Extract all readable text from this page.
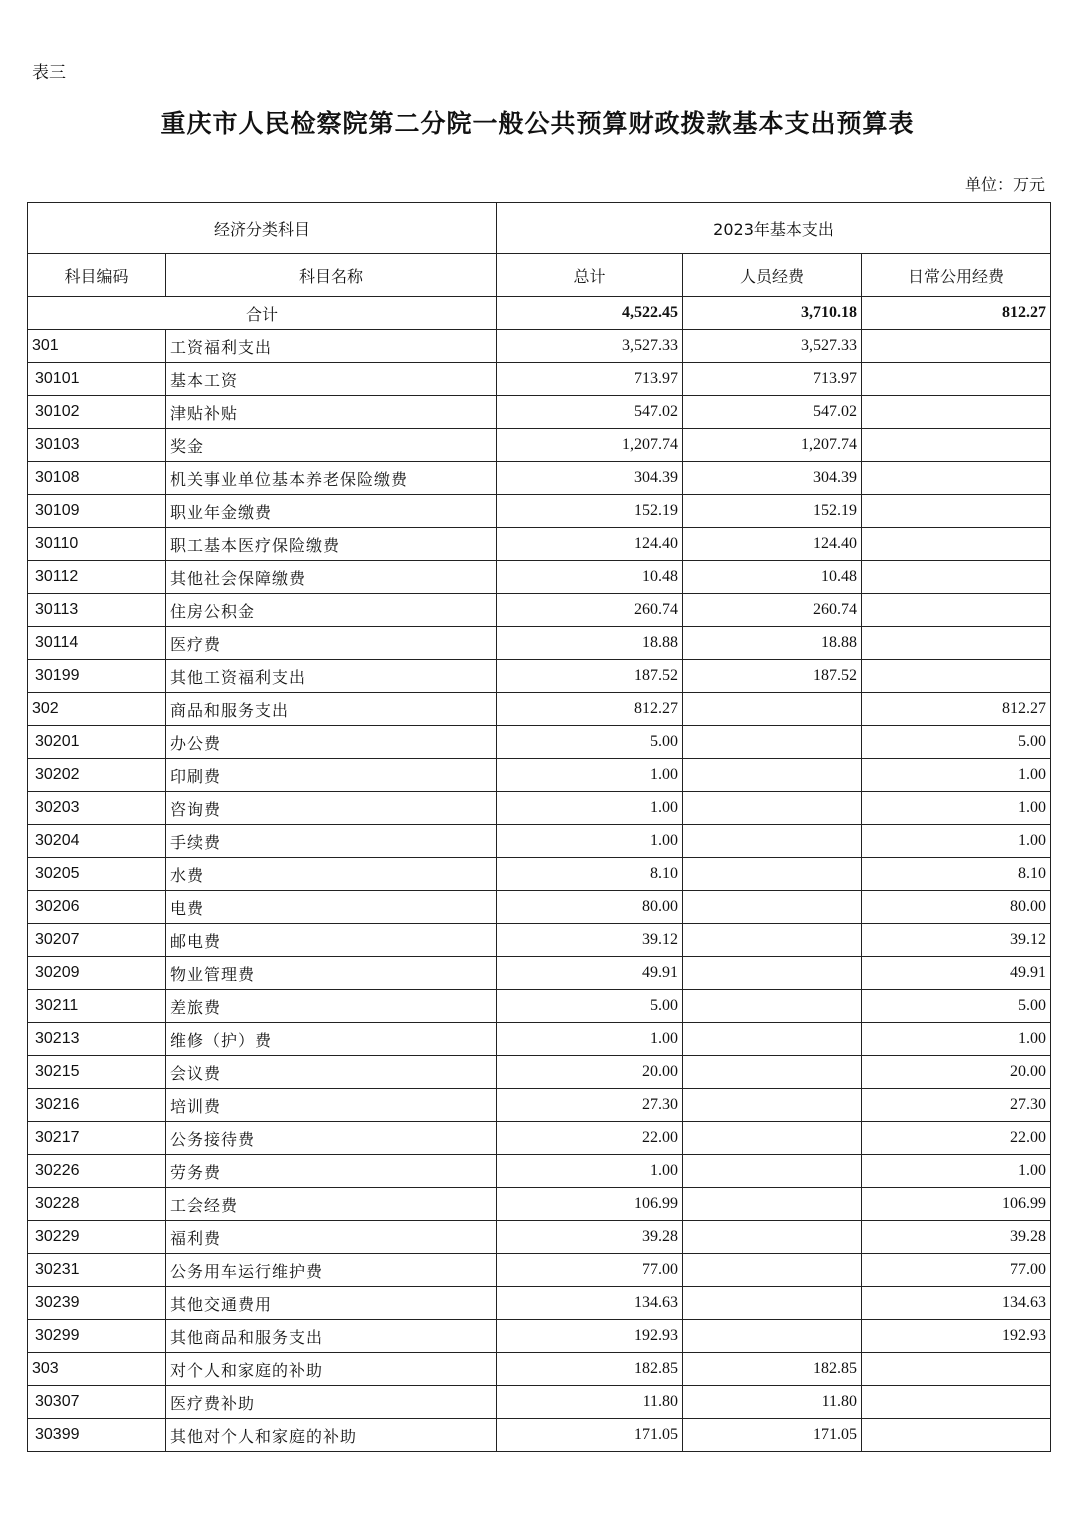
表三
重庆市人民检察院第二分院一般公共预算财政拨款基本支出预算表
单位：万元
经济分类科目		2023年基本支出		
科目编码	科目名称	总计	人员经费	日常公用经费
合计		4,522.45	3,710.18	812.27
301	工资福利支出	3,527.33	3,527.33	
30101	基本工资	713.97	713.97	
30102	津贴补贴	547.02	547.02	
30103	奖金	1,207.74	1,207.74	
30108	机关事业单位基本养老保险缴费	304.39	304.39	
30109	职业年金缴费	152.19	152.19	
30110	职工基本医疗保险缴费	124.40	124.40	
30112	其他社会保障缴费	10.48	10.48	
30113	住房公积金	260.74	260.74	
30114	医疗费	18.88	18.88	
30199	其他工资福利支出	187.52	187.52	
302	商品和服务支出	812.27		812.27
30201	办公费	5.00		5.00
30202	印刷费	1.00		1.00
30203	咨询费	1.00		1.00
30204	手续费	1.00		1.00
30205	水费	8.10		8.10
30206	电费	80.00		80.00
30207	邮电费	39.12		39.12
30209	物业管理费	49.91		49.91
30211	差旅费	5.00		5.00
30213	维修（护）费	1.00		1.00
30215	会议费	20.00		20.00
30216	培训费	27.30		27.30
30217	公务接待费	22.00		22.00
30226	劳务费	1.00		1.00
30228	工会经费	106.99		106.99
30229	福利费	39.28		39.28
30231	公务用车运行维护费	77.00		77.00
30239	其他交通费用	134.63		134.63
30299	其他商品和服务支出	192.93		192.93
303	对个人和家庭的补助	182.85	182.85	
30307	医疗费补助	11.80	11.80	
30399	其他对个人和家庭的补助	171.05	171.05	
